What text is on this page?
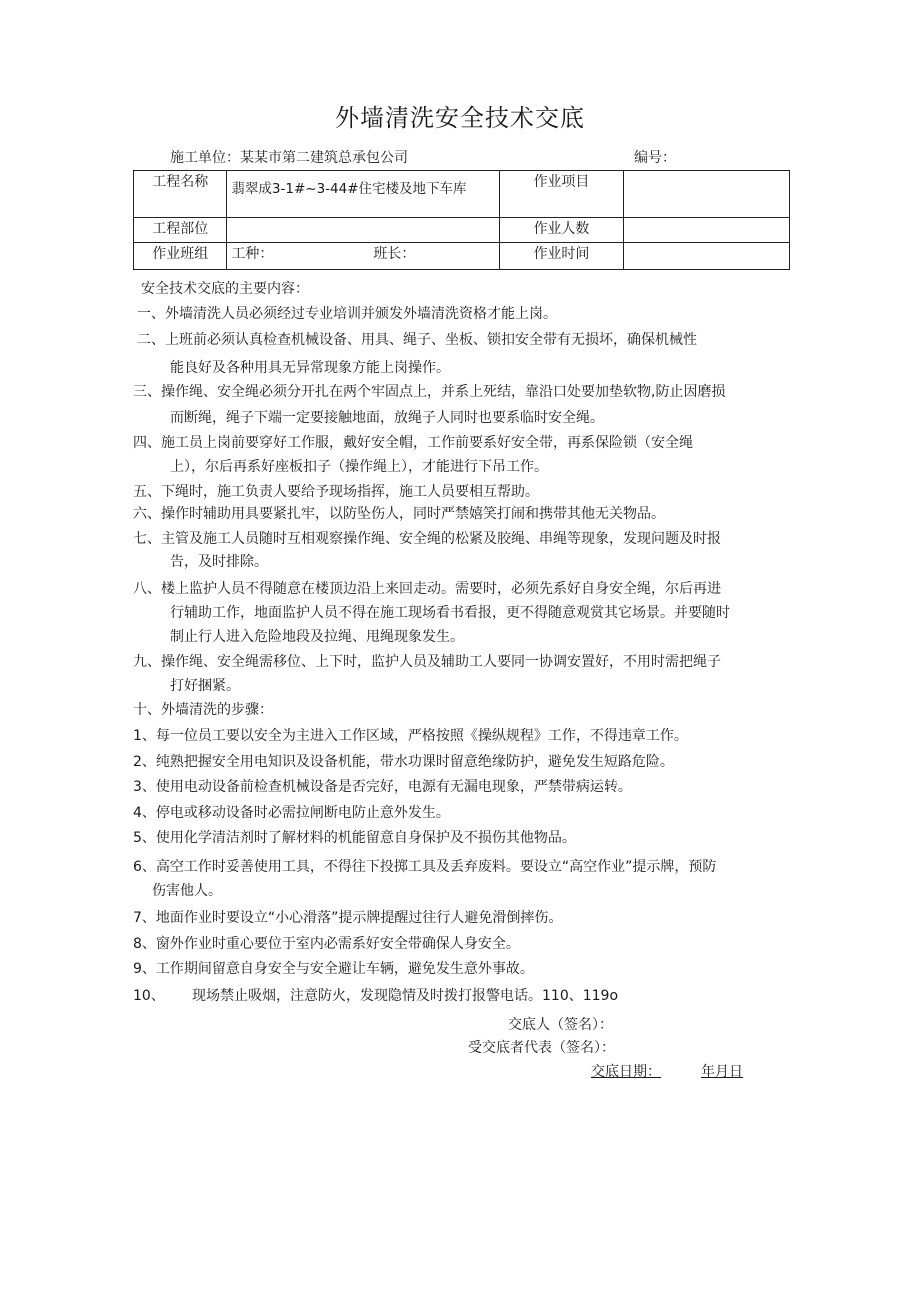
外墙清洗安全技术交底
施工单位：某某市第二建筑总承包公司	编号：
工程名称	翡翠成3-1#~3-44#住宅楼及地下车库	作业项目	
工程部位		作业人数	
作业班组	工种： 班长：	作业时间	
安全技术交底的主要内容：
一、外墙清洗人员必须经过专业培训并颁发外墙清洗资格才能上岗。
二、上班前必须认真检查机械设备、用具、绳子、坐板、锁扣安全带有无损坏，确保机械性
能良好及各种用具无异常现象方能上岗操作。
三、操作绳、安全绳必须分开扎在两个牢固点上，并系上死结，靠沿口处要加垫软物,防止因磨损
而断绳，绳子下端一定要接触地面，放绳子人同时也要系临时安全绳。
四、施工员上岗前要穿好工作服，戴好安全帽，工作前要系好安全带，再系保险锁（安全绳
上），尔后再系好座板扣子（操作绳上），才能进行下吊工作。
五、下绳时，施工负责人要给予现场指挥，施工人员要相互帮助。
六、操作时辅助用具要紧扎牢，以防坠伤人，同时严禁嬉笑打闹和携带其他无关物品。
七、主管及施工人员随时互相观察操作绳、安全绳的松紧及胶绳、串绳等现象，发现问题及时报
告，及时排除。
八、楼上监护人员不得随意在楼顶边沿上来回走动。需要时，必须先系好自身安全绳，尔后再进
行辅助工作，地面监护人员不得在施工现场看书看报，更不得随意观赏其它场景。并要随时
制止行人进入危险地段及拉绳、甩绳现象发生。
九、操作绳、安全绳需移位、上下时，监护人员及辅助工人要同一协调安置好，不用时需把绳子
打好捆紧。
十、外墙清洗的步骤：
1、每一位员工要以安全为主进入工作区域，严格按照《操纵规程》工作，不得违章工作。
2、纯熟把握安全用电知识及设备机能，带水功课时留意绝缘防护，避免发生短路危险。
3、使用电动设备前检查机械设备是否完好，电源有无漏电现象，严禁带病运转。
4、停电或移动设备时必需拉闸断电防止意外发生。
5、使用化学清洁剂时了解材料的机能留意自身保护及不损伤其他物品。
6、高空工作时妥善使用工具，不得往下投掷工具及丢弃废料。要设立“高空作业”提示牌，预防
伤害他人。
7、地面作业时要设立“小心滑落”提示牌提醒过往行人避免滑倒摔伤。
8、窗外作业时重心要位于室内必需系好安全带确保人身安全。
9、工作期间留意自身安全与安全避让车辆，避免发生意外事故。
10、 现场禁止吸烟，注意防火，发现隐情及时拨打报警电话。110、119o
交底人（签名）：
受交底者代表（签名）：
交底日期：	年月日
